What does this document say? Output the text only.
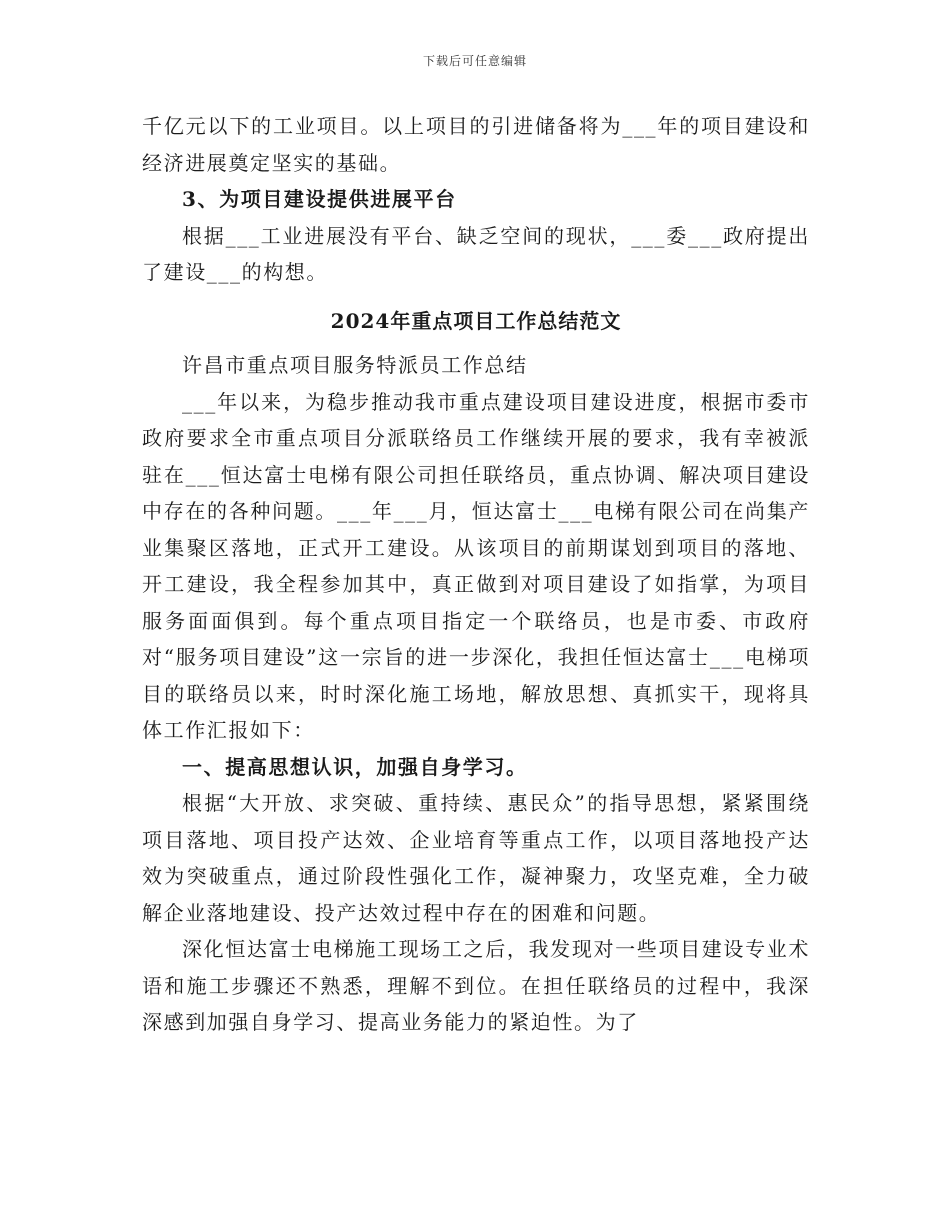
下载后可任意编辑

千亿元以下的工业项目。以上项目的引进储备将为___年的项目建设和经济进展奠定坚实的基础。

3、为项目建设提供进展平台

根据___工业进展没有平台、缺乏空间的现状，___委___政府提出了建设___的构想。

2024年重点项目工作总结范文

许昌市重点项目服务特派员工作总结

___年以来，为稳步推动我市重点建设项目建设进度，根据市委市政府要求全市重点项目分派联络员工作继续开展的要求，我有幸被派驻在___恒达富士电梯有限公司担任联络员，重点协调、解决项目建设中存在的各种问题。___年___月，恒达富士___电梯有限公司在尚集产业集聚区落地，正式开工建设。从该项目的前期谋划到项目的落地、开工建设，我全程参加其中，真正做到对项目建设了如指掌，为项目服务面面俱到。每个重点项目指定一个联络员，也是市委、市政府对“服务项目建设”这一宗旨的进一步深化，我担任恒达富士___电梯项目的联络员以来，时时深化施工场地，解放思想、真抓实干，现将具体工作汇报如下：

一、提高思想认识，加强自身学习。

根据“大开放、求突破、重持续、惠民众”的指导思想，紧紧围绕项目落地、项目投产达效、企业培育等重点工作，以项目落地投产达效为突破重点，通过阶段性强化工作，凝神聚力，攻坚克难，全力破解企业落地建设、投产达效过程中存在的困难和问题。

深化恒达富士电梯施工现场工之后，我发现对一些项目建设专业术语和施工步骤还不熟悉，理解不到位。在担任联络员的过程中，我深深感到加强自身学习、提高业务能力的紧迫性。为了
